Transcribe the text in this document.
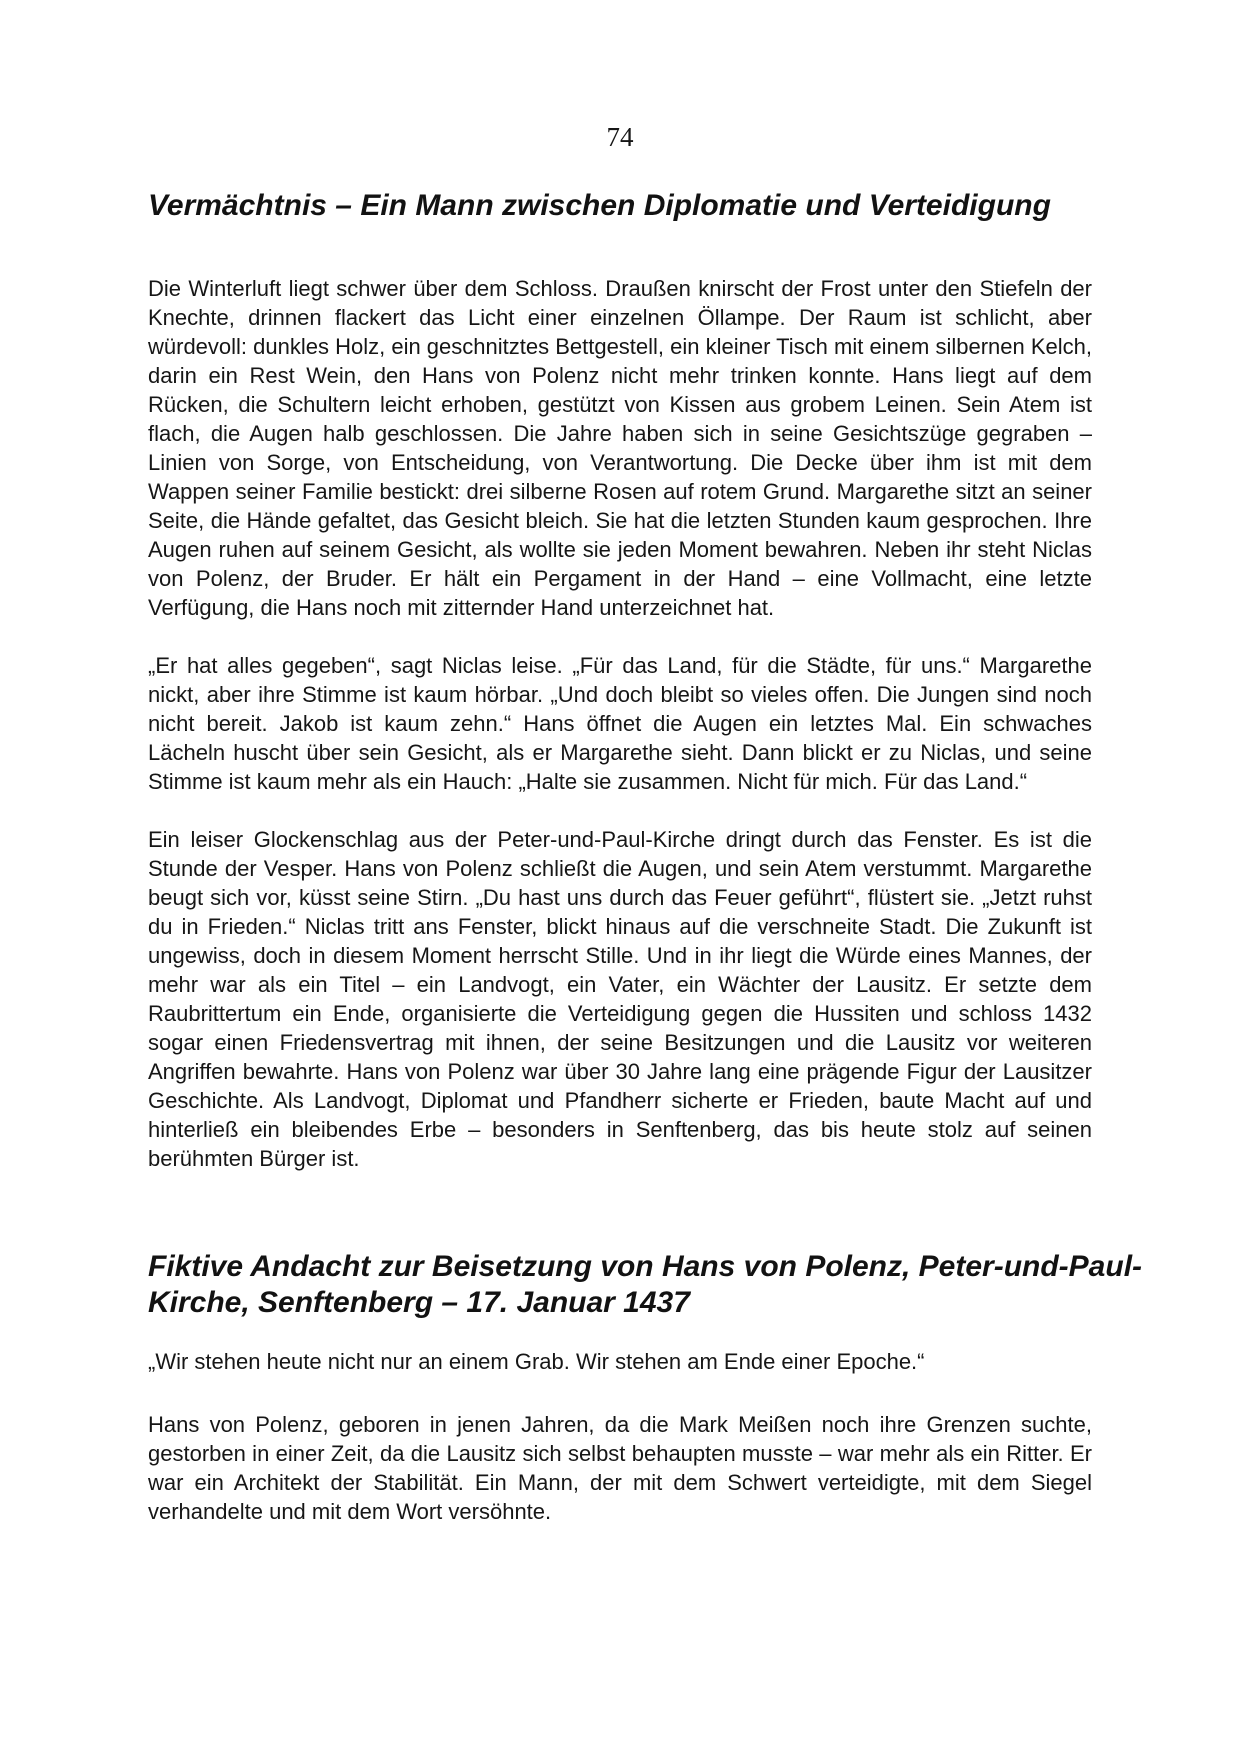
74
Vermächtnis – Ein Mann zwischen Diplomatie und Verteidigung

Die Winterluft liegt schwer über dem Schloss. Draußen knirscht der Frost unter den Stiefeln der Knechte, drinnen flackert das Licht einer einzelnen Öllampe. Der Raum ist schlicht, aber würdevoll: dunkles Holz, ein geschnitztes Bettgestell, ein kleiner Tisch mit einem silbernen Kelch, darin ein Rest Wein, den Hans von Polenz nicht mehr trinken konnte. Hans liegt auf dem Rücken, die Schultern leicht erhoben, gestützt von Kissen aus grobem Leinen. Sein Atem ist flach, die Augen halb geschlossen. Die Jahre haben sich in seine Gesichtszüge gegraben – Linien von Sorge, von Entscheidung, von Verantwortung. Die Decke über ihm ist mit dem Wappen seiner Familie bestickt: drei silberne Rosen auf rotem Grund. Margarethe sitzt an seiner Seite, die Hände gefaltet, das Gesicht bleich. Sie hat die letzten Stunden kaum gesprochen. Ihre Augen ruhen auf seinem Gesicht, als wollte sie jeden Moment bewahren. Neben ihr steht Niclas von Polenz, der Bruder. Er hält ein Pergament in der Hand – eine Vollmacht, eine letzte Verfügung, die Hans noch mit zitternder Hand unterzeichnet hat.

„Er hat alles gegeben“, sagt Niclas leise. „Für das Land, für die Städte, für uns.“ Margarethe nickt, aber ihre Stimme ist kaum hörbar. „Und doch bleibt so vieles offen. Die Jungen sind noch nicht bereit. Jakob ist kaum zehn.“ Hans öffnet die Augen ein letztes Mal. Ein schwaches Lächeln huscht über sein Gesicht, als er Margarethe sieht. Dann blickt er zu Niclas, und seine Stimme ist kaum mehr als ein Hauch: „Halte sie zusammen. Nicht für mich. Für das Land.“

Ein leiser Glockenschlag aus der Peter-und-Paul-Kirche dringt durch das Fenster. Es ist die Stunde der Vesper. Hans von Polenz schließt die Augen, und sein Atem verstummt. Margarethe beugt sich vor, küsst seine Stirn. „Du hast uns durch das Feuer geführt“, flüstert sie. „Jetzt ruhst du in Frieden.“ Niclas tritt ans Fenster, blickt hinaus auf die verschneite Stadt. Die Zukunft ist ungewiss, doch in diesem Moment herrscht Stille. Und in ihr liegt die Würde eines Mannes, der mehr war als ein Titel – ein Landvogt, ein Vater, ein Wächter der Lausitz. Er setzte dem Raubrittertum ein Ende, organisierte die Verteidigung gegen die Hussiten und schloss 1432 sogar einen Friedensvertrag mit ihnen, der seine Besitzungen und die Lausitz vor weiteren Angriffen bewahrte. Hans von Polenz war über 30 Jahre lang eine prägende Figur der Lausitzer Geschichte. Als Landvogt, Diplomat und Pfandherr sicherte er Frieden, baute Macht auf und hinterließ ein bleibendes Erbe – besonders in Senftenberg, das bis heute stolz auf seinen berühmten Bürger ist.

Fiktive Andacht zur Beisetzung von Hans von Polenz, Peter-und-Paul-
Kirche, Senftenberg – 17. Januar 1437

„Wir stehen heute nicht nur an einem Grab. Wir stehen am Ende einer Epoche.“

Hans von Polenz, geboren in jenen Jahren, da die Mark Meißen noch ihre Grenzen suchte, gestorben in einer Zeit, da die Lausitz sich selbst behaupten musste – war mehr als ein Ritter. Er war ein Architekt der Stabilität. Ein Mann, der mit dem Schwert verteidigte, mit dem Siegel verhandelte und mit dem Wort versöhnte.
